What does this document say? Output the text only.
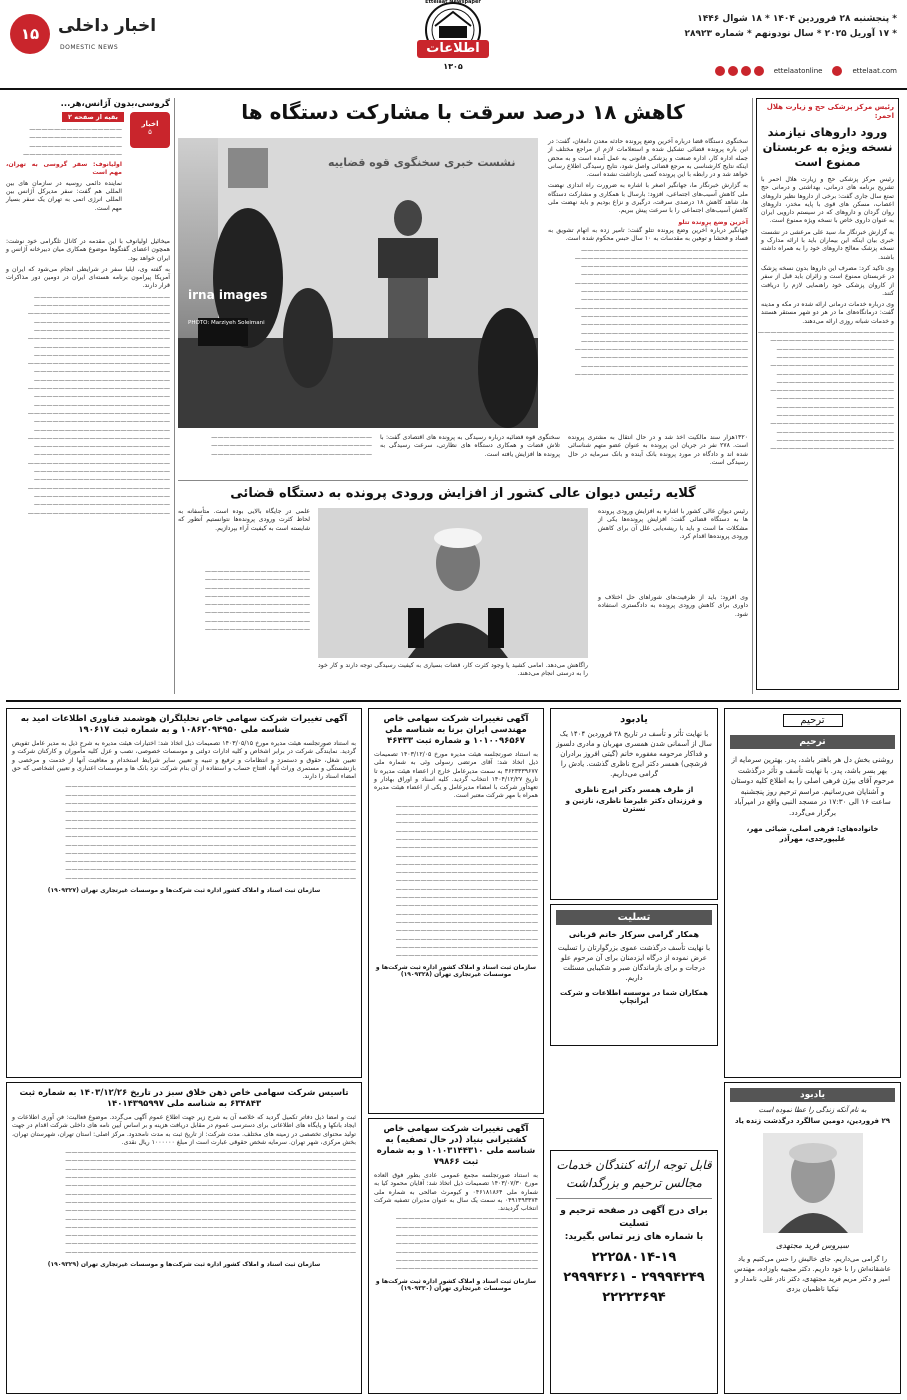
۱۵	اخبار داخلی
DOMESTIC NEWS
Ettelaat Newspaper
اطلاعات
۱۳۰۵
* پنجشنبه ۲۸ فروردین ۱۴۰۴ * ۱۸ شوال ۱۴۴۶
* ۱۷ آوریل ۲۰۲۵ * سال نودونهم * شماره ۲۸۹۲۳
ettelaatonline	ettelaat.com
رئیس مرکز پزشکی حج و زیارت هلال احمر:
ورود داروهای نیازمند نسخه ویژه به عربستان ممنوع است
رئیس مرکز پزشکی حج و زیارت هلال احمر با تشریح برنامه های درمانی، بهداشتی و درمانی حج تمتع سال جاری گفت: برخی از داروها نظیر داروهای اعصاب، مسکن های قوی با پایه مخدر، داروهای روان گردان و داروهای که در سیستم دارویی ایران به عنوان داروی خاص با نسخه ویژه ممنوع است.
به گزارش خبرنگار ما، سید علی مرعشی در نشست خبری بیان اینکه این بیماران باید با ارائه مدارک و نسخه پزشک معالج داروهای خود را به همراه داشته باشند.
وی تاکید کرد: مصرف این داروها بدون نسخه پزشک در عربستان ممنوع است و زائران باید قبل از سفر از کاروان پزشکی خود راهنمایی لازم را دریافت کنند.
وی درباره خدمات درمانی ارائه شده در مکه و مدینه گفت: درمانگاه‌های ما در هر دو شهر مستقر هستند و خدمات شبانه روزی ارائه می‌دهند.
—————————————————————— ———————————————————— ——————————————————— ——————————————————— ———————————————————— ——————————————————— ——————————————————— ———————————————————— ——————————————————— ——————————————————— ——————————————————— ———————————————————— ——————————————————— ——————————————————— ————————————————————
کاهش ۱۸ درصد سرقت با مشارکت دستگاه ها
نشست خبری سخنگوی قوه قضاییه
irna images
PHOTO: Marziyeh Soleimani
سخنگوی دستگاه قضا درباره آخرین وضع پرونده حادثه معدن دامغان، گفت: در این باره پرونده قضائی تشکیل شده و استعلامات لازم از مراجع مختلف از جمله اداره کار، اداره صنعت و پزشکی قانونی به عمل آمده است و به محض اینکه نتایج کارشناسی به مرجع قضائی واصل شود، نتایج رسیدگی اطلاع رسانی خواهد شد و در رابطه با این پرونده کسی بازداشت نشده است.
به گزارش خبرنگار ما، جهانگیر اصغر با اشاره به ضرورت راه اندازی نهضت ملی کاهش آسیب‌های اجتماعی، افزود: بارسال با همکاری و مشارکت دستگاه ها، شاهد کاهش ۱۸ درصدی سرقت، درگیری و نزاع بودیم و باید نهضت ملی کاهش آسیب‌های اجتماعی را با سرعت پیش ببریم.
آخرین وضع پرونده تتلو
جهانگیر درباره آخرین وضع پرونده تتلو گفت: تامیر زده به اتهام تشویق به فساد و فحشا و توهین به مقدسات به ۱۰ سال حبس محکوم شده است.
——————————————————————————— ———————————————————————————— ——————————————————————————— ——————————————————————————— ———————————————————————————— ——————————————————————————— ——————————————————————————— ———————————————————————————— ——————————————————————————— ——————————————————————————— ——————————————————————————— ——————————————————————————— ———————————————————————————— ——————————————————————————— ——————————————————————————— ————————————————————————————
۱۳۲۰هزار سند مالکیت اخذ شد و در حال انتقال به مشتری پرونده است. ۲۷۸ نفر در جریان این پرونده به عنوان عضو متهم شناسائی شده اند و دادگاه در مورد پرونده بانک آینده و بانک سرمایه در حال رسیدگی است.
سخنگوی قوه قضائیه درباره رسیدگی به پرونده های اقتصادی گفت: با تلاش قضات و همکاری دستگاه های نظارتی، سرعت رسیدگی به پرونده ها افزایش یافته است.
—————————————————————————— —————————————————————————— ——————————————————————————
گلایه رئیس دیوان عالی کشور از افزایش ورودی پرونده به دستگاه قضائی
رئیس دیوان عالی کشور با اشاره به افزایش ورودی پرونده ها به دستگاه قضائی گفت: افزایش پرونده‌ها یکی از مشکلات ما است و باید با ریشه‌یابی علل آن برای کاهش ورودی پرونده‌ها اقدام کرد.
وی افزود: باید از ظرفیت‌های شوراهای حل اختلاف و داوری برای کاهش ورودی پرونده به دادگستری استفاده شود.
علمی در جایگاه بالایی بوده است. متأسفانه به لحاظ کثرت ورودی پرونده‌ها نتوانستیم آنطور که شایسته است به کیفیت آراء بپردازیم.
————————————————— ————————————————— ————————————————— ————————————————— ————————————————— ————————————————— ————————————————— —————————————————
راگاهش می‌دهد. امامی کشید یا وجود کثرت کار، قضات بسیاری به کیفیت رسیدگی توجه دارند و کار خود را به درستی انجام می‌دهند.
گروسی،بدون آژانس،هر...
اخبار
۵
بقیه از صفحه ۲
——————————————— ——————————————— ——————————————— ————————————————
اولیانوف: سفر گروسی به تهران، مهم است
نماینده دائمی روسیه در سازمان های بین المللی هم گفت: سفر مدیرکل آژانس بین المللی انرژی اتمی به تهران یک سفر بسیار مهم است.
میخائیل اولیانوف با این مقدمه در کانال تلگرامی خود نوشت: همچون اعضای گفتگوها موضوع همکاری میان دبیرخانه آژانس و ایران خواهد بود.
به گفته وی، ایلیا سفر در شرایطی انجام می‌شود که ایران و آمریکا پیرامون برنامه هسته‌ای ایران در دومین دور مذاکرات قرار دارند.
—————————————————————— —————————————————————— ——————————————————————— —————————————————————— —————————————————————— ——————————————————————— —————————————————————— —————————————————————— ——————————————————————— —————————————————————— —————————————————————— ——————————————————————— —————————————————————— —————————————————————— ——————————————————————— —————————————————————— —————————————————————— ——————————————————————— —————————————————————— —————————————————————— ——————————————————————— —————————————————————— —————————————————————— ——————————————————————— —————————————————————— —————————————————————— ———————————————————————
آگهی تغییرات شرکت سهامی خاص تحلیلگران هوشمند فناوری اطلاعات امید به شناسه ملی ۱۰۸۶۲۰۹۴۹۵۰ و به شماره ثبت ۱۹۰۶۱۷
به استناد صورتجلسه هیئت مدیره مورخ ۱۴۰۳/۰۵/۱۵ تصمیمات ذیل اتخاذ شد: اختیارات هیئت مدیره به شرح ذیل به مدیر عامل تفویض گردید. نمایندگی شرکت در برابر اشخاص و کلیه ادارات دولتی و موسسات خصوصی، نصب و عزل کلیه مأموران و کارکنان شرکت و تعیین شغل، حقوق و دستمزد و انتظامات و ترفیع و تنبیه و تعیین سایر شرایط استخدام و معافیت آنها از خدمت و مرخصی و بازنشستگی و مستمری وراث آنها، افتتاح حساب و استفاده از آن بنام شرکت نزد بانک ها و موسسات اعتباری و تعیین اشخاصی که حق امضاء اسناد را دارند.
——————————————————————————————————————————————— ——————————————————————————————————————————————— ——————————————————————————————————————————————— ——————————————————————————————————————————————— ——————————————————————————————————————————————— ——————————————————————————————————————————————— ——————————————————————————————————————————————— ——————————————————————————————————————————————— ——————————————————————————————————————————————— ——————————————————————————————————————————————— ——————————————————————————————————————————————— ———————————————————————————————————————————————
سازمان ثبت اسناد و املاک کشور اداره ثبت شرکت‌ها و موسسات غیرتجاری تهران (۱۹۰۹۳۲۷)
تاسیس شرکت سهامی خاص ذهن خلاق سبز در تاریخ ۱۴۰۳/۱۲/۲۶ به شماره ثبت ۶۳۴۸۴۳ به شناسه ملی ۱۴۰۱۴۳۹۵۹۹۷
ثبت و امضا ذیل دفاتر تکمیل گردید که خلاصه آن به شرح زیر جهت اطلاع عموم آگهی می‌گردد. موضوع فعالیت: فن آوری اطلاعات و ایجاد بانکها و پایگاه های اطلاعاتی برای دسترسی عموم در مقابل دریافت هزینه و بر اساس آیین نامه های داخلی شرکت اقدام در جهت تولید محتوای تخصصی در زمینه های مختلف. مدت شرکت: از تاریخ ثبت به مدت نامحدود. مرکز اصلی: استان تهران، شهرستان تهران، بخش مرکزی، شهر تهران. سرمایه شخص حقوقی عبارت است از مبلغ ۱۰۰۰۰۰۰ ریال نقدی.
——————————————————————————————————————————————— ——————————————————————————————————————————————— ——————————————————————————————————————————————— ——————————————————————————————————————————————— ——————————————————————————————————————————————— ——————————————————————————————————————————————— ——————————————————————————————————————————————— ——————————————————————————————————————————————— ——————————————————————————————————————————————— ——————————————————————————————————————————————— ——————————————————————————————————————————————— ——————————————————————————————————————————————— ———————————————————————————————————————————————
سازمان ثبت اسناد و املاک کشور اداره ثبت شرکت‌ها و موسسات غیرتجاری تهران (۱۹۰۹۳۲۹)
آگهی تغییرات شرکت سهامی خاص مهندسی ایران برنا به شناسه ملی ۱۰۱۰۰۹۶۵۶۷ و شماره ثبت ۴۶۴۳۳
به استناد صورتجلسه هیئت مدیره مورخ ۱۴۰۳/۱۲/۰۵ تصمیمات ذیل اتخاذ شد: آقای مرتضی رسولی وئی به شماره ملی ۳۶۲۳۳۳۹۶۷۷ به سمت مدیرعامل خارج از اعضاء هیئت مدیره تا تاریخ ۱۴۰۴/۱۲/۲۷ انتخاب گردید. کلیه اسناد و اوراق بهادار و تعهدآور شرکت با امضاء مدیرعامل و یکی از اعضاء هیئت مدیره همراه با مهر شرکت معتبر است.
——————————————————————— ——————————————————————— ——————————————————————— ——————————————————————— ——————————————————————— ——————————————————————— ——————————————————————— ——————————————————————— ——————————————————————— ——————————————————————— ——————————————————————— ——————————————————————— ——————————————————————— ——————————————————————— ——————————————————————— ——————————————————————— ——————————————————————— ——————————————————————— ———————————————————————
سازمان ثبت اسناد و املاک کشور اداره ثبت شرکت‌ها و موسسات غیرتجاری تهران (۱۹۰۹۳۲۸)
آگهی تغییرات شرکت سهامی خاص کشتیرانی بنیاد (در حال تصفیه) به شناسه ملی ۱۰۱۰۳۱۴۴۳۱۰ و به شماره ثبت ۷۹۸۶۶
به استناد صورتجلسه مجمع عمومی عادی بطور فوق العاده مورخ ۱۴۰۳/۰۷/۳۰ تصمیمات ذیل اتخاذ شد: آقایان محمود کیا به شماره ملی ۰۴۶۱۸۱۸۶۴ و کیومرث صالحی به شماره ملی ۰۴۹۱۳۹۳۳۷۴ به سمت یک سال به عنوان مدیران تصفیه شرکت انتخاب گردیدند.
——————————————————————— ——————————————————————— ——————————————————————— ——————————————————————— ——————————————————————— ——————————————————————— ———————————————————————
سازمان ثبت اسناد و املاک کشور اداره ثبت شرکت‌ها و موسسات غیرتجاری تهران (۱۹۰۹۳۳۰)
یادبود
با نهایت تأثر و تأسف در تاریخ ۲۸ فروردین ۱۴۰۴ یک سال از آسمانی شدن همسری مهربان و مادری دلسوز و فداکار مرحومه مغفوره خانم (گیتی افروز برادران فرشچی) همسر دکتر ایرج ناظری گذشت. یادش را گرامی می‌داریم.
از طرف همسر دکتر ایرج ناظری
و فرزندان دکتر علیرضا ناظری، نازنین و نسترن
تسلیت
همکار گرامی سرکار خانم قربانی
با نهایت تأسف درگذشت عموی بزرگوارتان را تسلیت عرض نموده از درگاه ایزدمنان برای آن مرحوم علو درجات و برای بازماندگان صبر و شکیبایی مسئلت داریم.
همکاران شما در موسسه اطلاعات و شرکت ایرانچاپ
قابل توجه ارائه کنندگان خدمات مجالس ترحیم و بزرگداشت
برای درج آگهی در صفحه ترحیم و تسلیت
با شماره های زیر تماس بگیرید:
۲۲۲۵۸۰۱۴-۱۹
۲۹۹۹۴۲۴۹ - ۲۹۹۹۴۲۶۱
۲۲۲۲۳۶۹۴
ترحیم
ترحیم
روشنی بخش دل هر باهنر باشد، پدر. بهترین سرمایه از بهر بسر باشد، پدر. با نهایت تأسف و تأثر درگذشت مرحوم آقای بیژن فرهی اصلی را به اطلاع کلیه دوستان و آشنایان می‌رسانیم. مراسم ترحیم روز پنجشنبه ساعت ۱۶ الی ۱۷:۳۰ در مسجد النبی واقع در امیرآباد برگزار می‌گردد.
خانواده‌های: فرهی اصلی، ضیائی مهر، علیپورجدی، مهرآذر
یادبود
به نام آنکه زندگی را عطا نموده است
۲۹ فروردین، دومین سالگرد درگذشت زنده یاد
سیروس فرید مجتهدی
را گرامی می‌داریم. جای خالیش را حس می‌کنیم و یاد عاشقانه‌اش را با خود داریم. دکتر مجیبه باوزاده، مهندس امیر و دکتر مریم فرید مجتهدی، دکتر نادر علی، نامدار و نیکیا ناظمیان یزدی
